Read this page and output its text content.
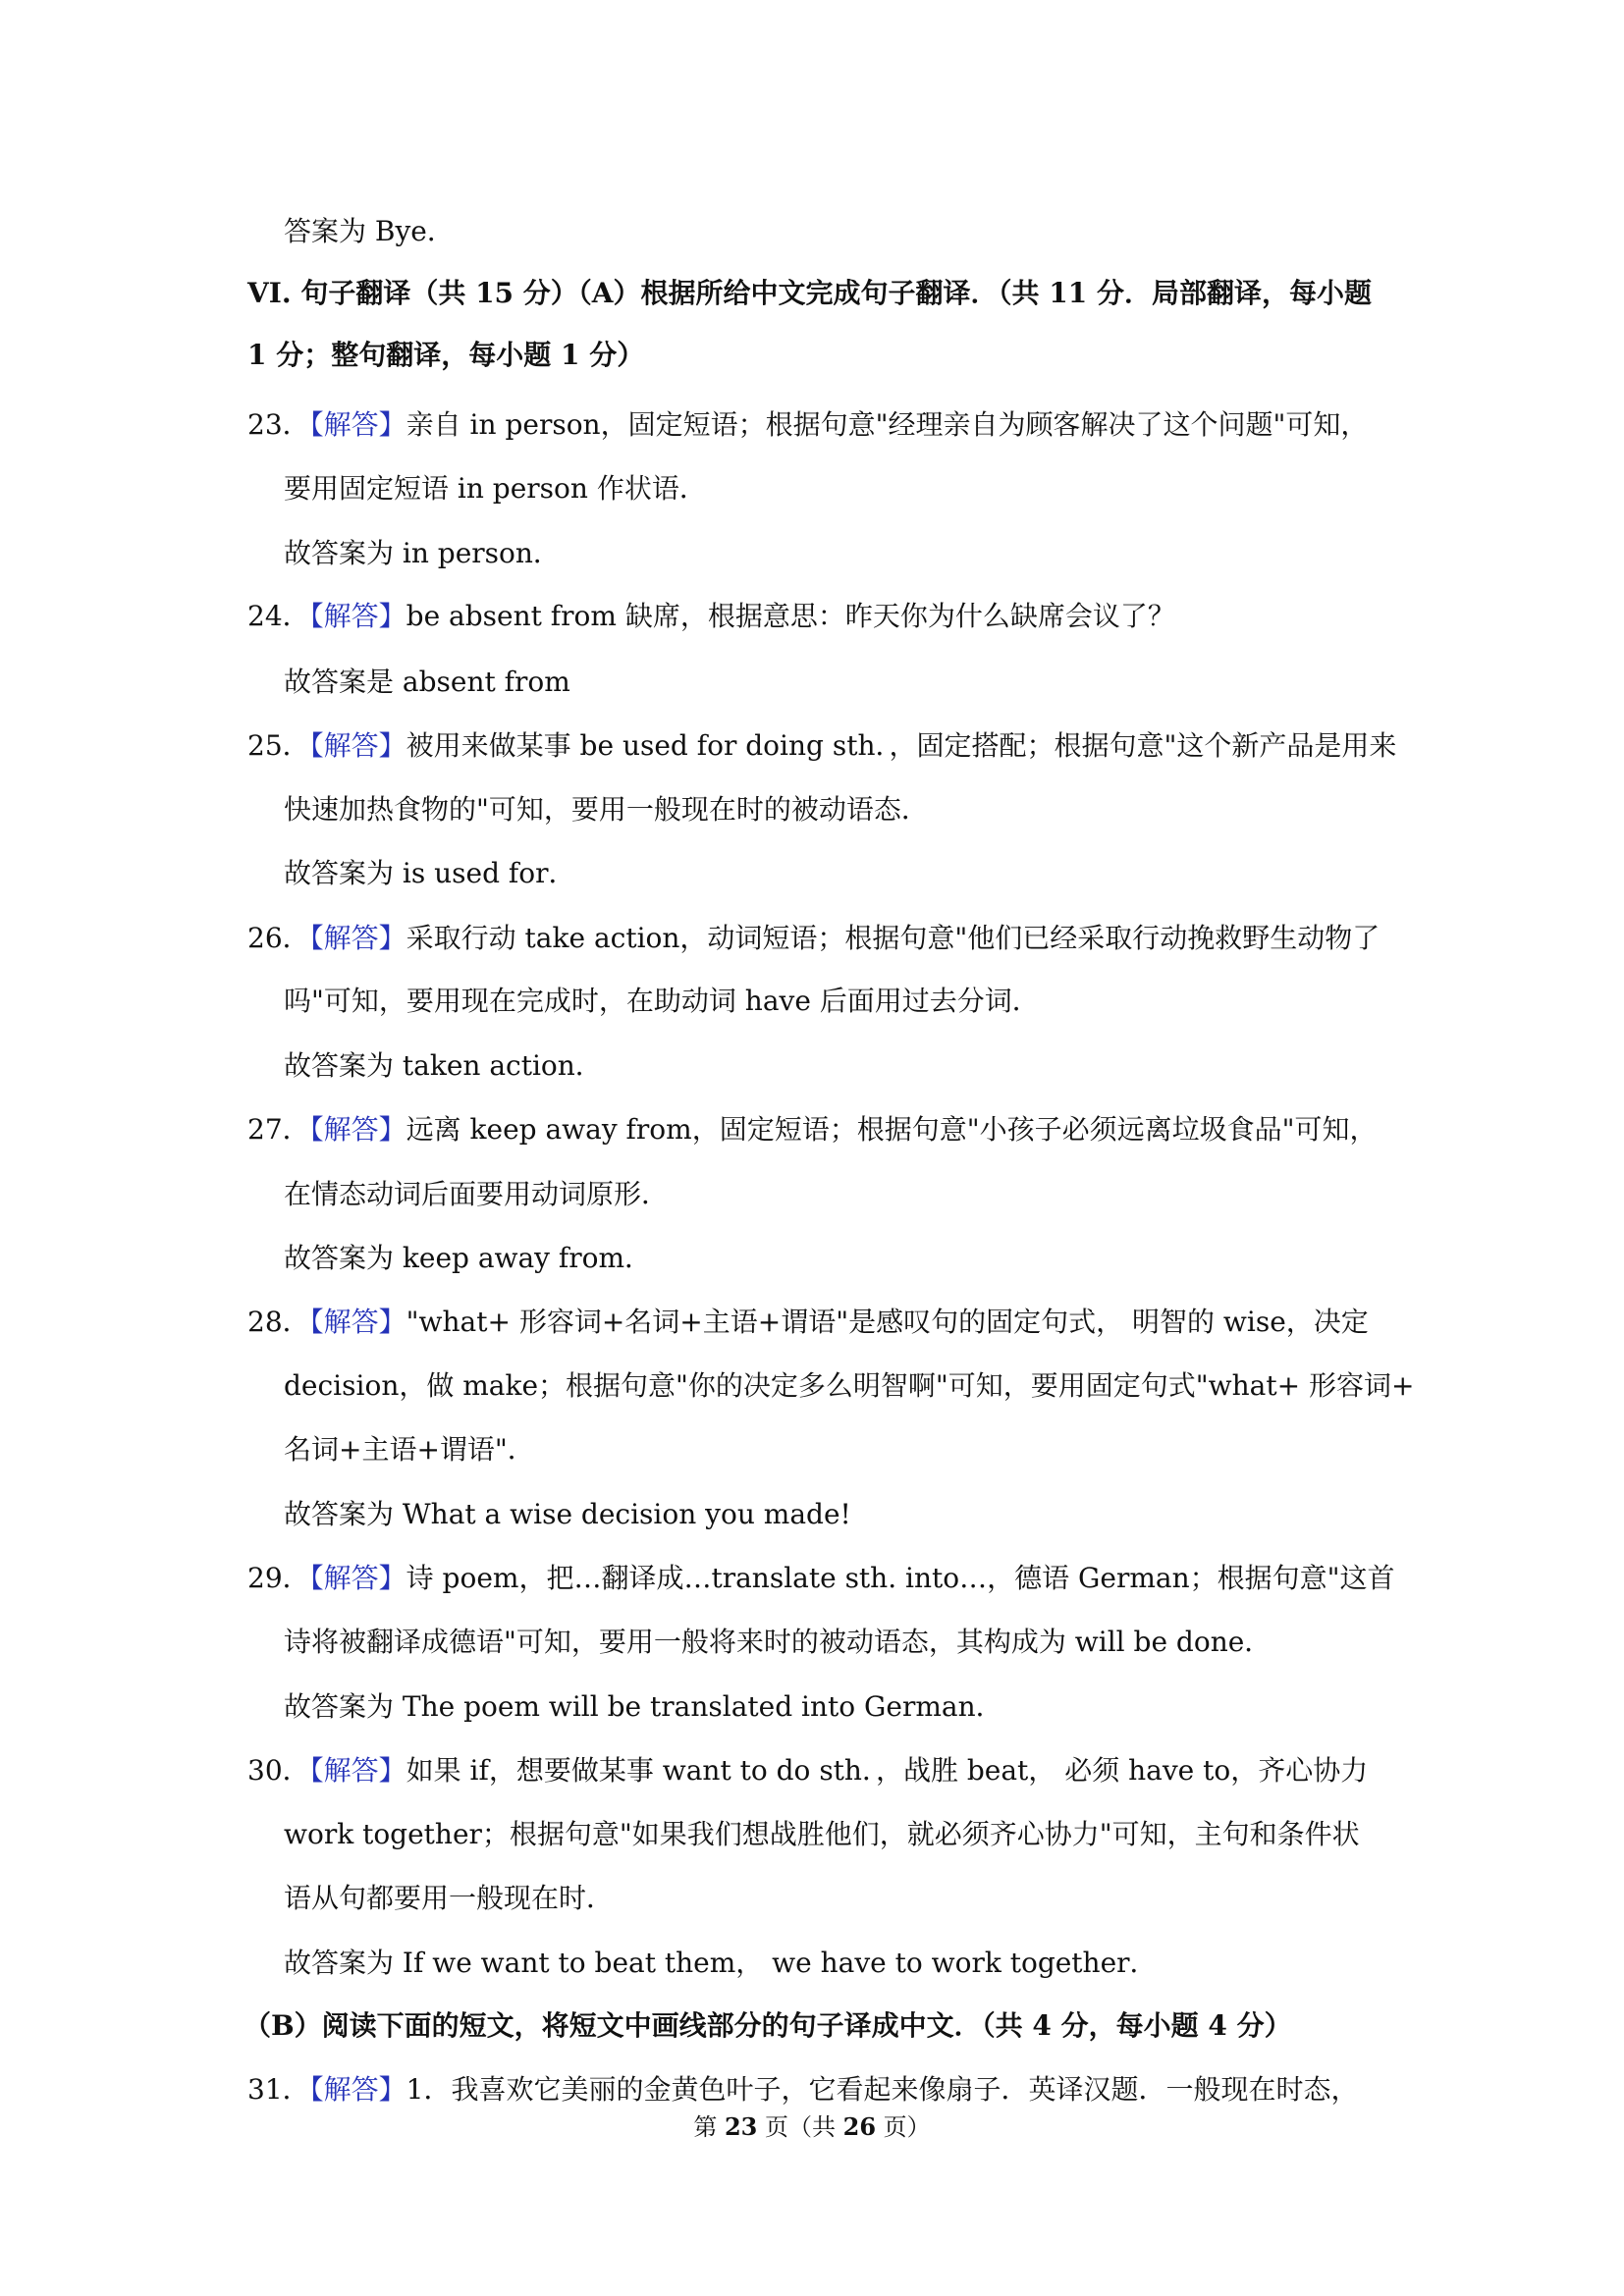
答案为 Bye．
VI. 句子翻译（共 15 分）（A）根据所给中文完成句子翻译．（共 11 分．局部翻译，每小题
1 分；整句翻译，每小题 1 分）
23．【解答】亲自 in person，固定短语；根据句意"经理亲自为顾客解决了这个问题"可知，
要用固定短语 in person 作状语．
故答案为 in person．
24．【解答】be absent from 缺席，根据意思：昨天你为什么缺席会议了？
故答案是 absent from
25．【解答】被用来做某事 be used for doing sth．，固定搭配；根据句意"这个新产品是用来
快速加热食物的"可知，要用一般现在时的被动语态．
故答案为 is used for．
26．【解答】采取行动 take action，动词短语；根据句意"他们已经采取行动挽救野生动物了
吗"可知，要用现在完成时，在助动词 have 后面用过去分词．
故答案为 taken action．
27．【解答】远离 keep away from，固定短语；根据句意"小孩子必须远离垃圾食品"可知，
在情态动词后面要用动词原形．
故答案为 keep away from．
28．【解答】"what+ 形容词+名词+主语+谓语"是感叹句的固定句式， 明智的 wise，决定
decision，做 make；根据句意"你的决定多么明智啊"可知，要用固定句式"what+ 形容词+
名词+主语+谓语"．
故答案为 What a wise decision you made!
29．【解答】诗 poem，把…翻译成…translate sth. into…，德语 German；根据句意"这首
诗将被翻译成德语"可知，要用一般将来时的被动语态，其构成为 will be done．
故答案为 The poem will be translated into German．
30．【解答】如果 if，想要做某事 want to do sth．，战胜 beat， 必须 have to，齐心协力
work together；根据句意"如果我们想战胜他们，就必须齐心协力"可知，主句和条件状
语从句都要用一般现在时．
故答案为 If we want to beat them， we have to work together．
（B）阅读下面的短文，将短文中画线部分的句子译成中文．（共 4 分，每小题 4 分）
31．【解答】1．我喜欢它美丽的金黄色叶子，它看起来像扇子．英译汉题．一般现在时态，
第 23 页（共 26 页）
